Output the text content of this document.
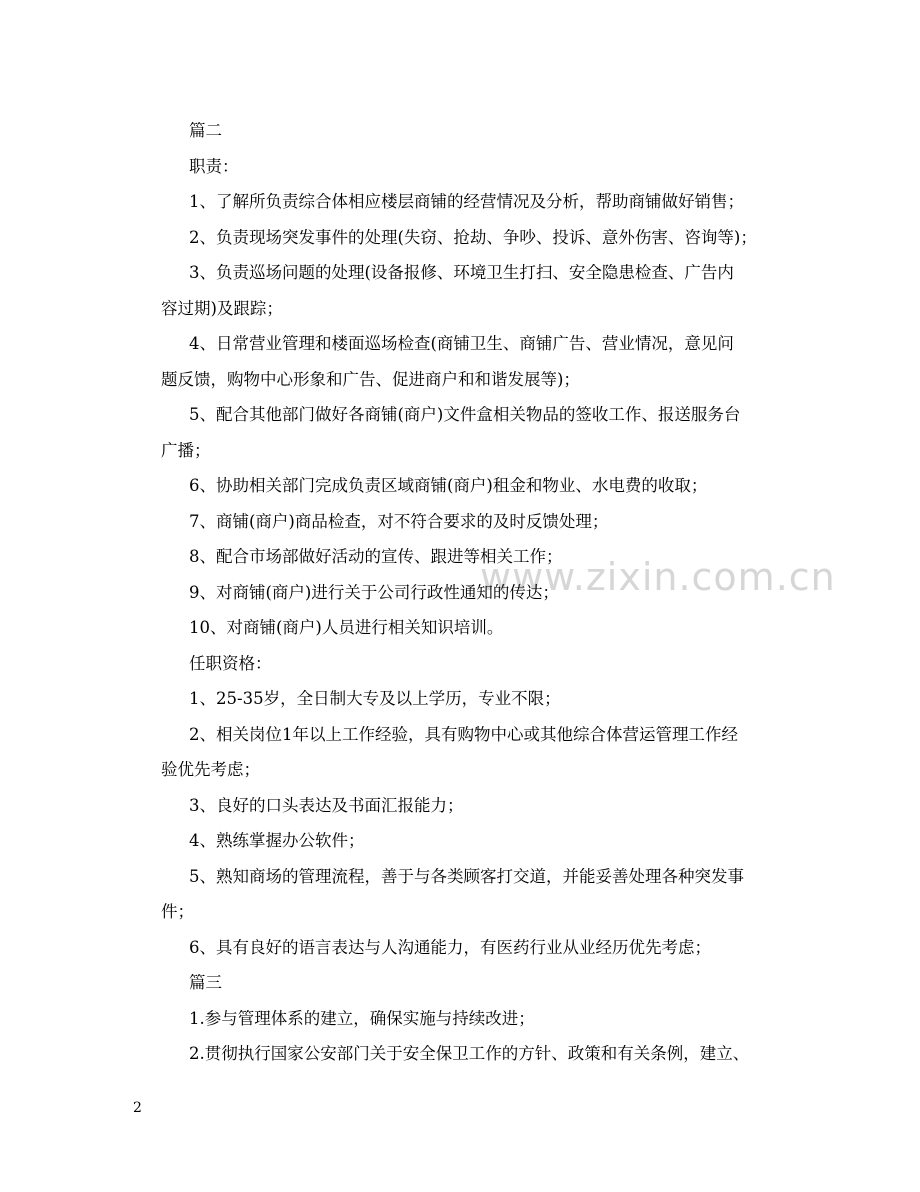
www.zixin.com.cn
篇二
职责：
1、了解所负责综合体相应楼层商铺的经营情况及分析，帮助商铺做好销售；
2、负责现场突发事件的处理(失窃、抢劫、争吵、投诉、意外伤害、咨询等)；
3、负责巡场问题的处理(设备报修、环境卫生打扫、安全隐患检查、广告内
容过期)及跟踪；
4、日常营业管理和楼面巡场检查(商铺卫生、商铺广告、营业情况，意见问
题反馈，购物中心形象和广告、促进商户和和谐发展等)；
5、配合其他部门做好各商铺(商户)文件盒相关物品的签收工作、报送服务台
广播；
6、协助相关部门完成负责区域商铺(商户)租金和物业、水电费的收取；
7、商铺(商户)商品检查，对不符合要求的及时反馈处理；
8、配合市场部做好活动的宣传、跟进等相关工作；
9、对商铺(商户)进行关于公司行政性通知的传达；
10、对商铺(商户)人员进行相关知识培训。
任职资格：
1、25-35岁，全日制大专及以上学历，专业不限；
2、相关岗位1年以上工作经验，具有购物中心或其他综合体营运管理工作经
验优先考虑；
3、良好的口头表达及书面汇报能力；
4、熟练掌握办公软件；
5、熟知商场的管理流程，善于与各类顾客打交道，并能妥善处理各种突发事
件；
6、具有良好的语言表达与人沟通能力，有医药行业从业经历优先考虑；
篇三
1.参与管理体系的建立，确保实施与持续改进；
2.贯彻执行国家公安部门关于安全保卫工作的方针、政策和有关条例，建立、
2
